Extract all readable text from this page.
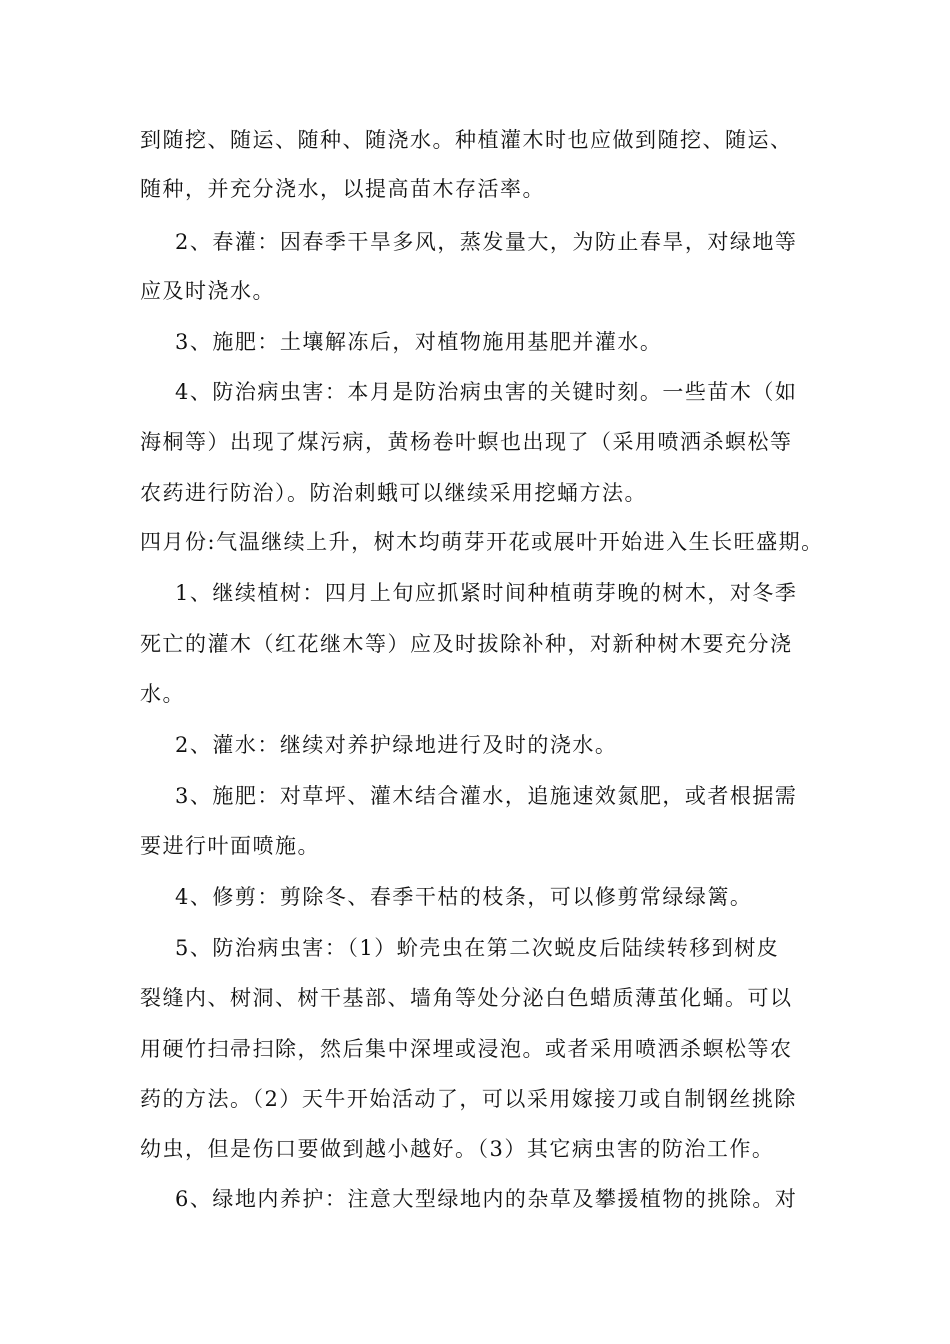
到随挖、随运、随种、随浇水。种植灌木时也应做到随挖、随运、
随种，并充分浇水，以提高苗木存活率。
2、春灌：因春季干旱多风，蒸发量大，为防止春旱，对绿地等
应及时浇水。
3、施肥：土壤解冻后，对植物施用基肥并灌水。
4、防治病虫害：本月是防治病虫害的关键时刻。一些苗木（如
海桐等）出现了煤污病，黄杨卷叶螟也出现了（采用喷洒杀螟松等
农药进行防治）。防治刺蛾可以继续采用挖蛹方法。
四月份:气温继续上升，树木均萌芽开花或展叶开始进入生长旺盛期。
1、继续植树：四月上旬应抓紧时间种植萌芽晚的树木，对冬季
死亡的灌木（红花继木等）应及时拔除补种，对新种树木要充分浇
水。
2、灌水：继续对养护绿地进行及时的浇水。
3、施肥：对草坪、灌木结合灌水，追施速效氮肥，或者根据需
要进行叶面喷施。
4、修剪：剪除冬、春季干枯的枝条，可以修剪常绿绿篱。
5、防治病虫害：（1）蚧壳虫在第二次蜕皮后陆续转移到树皮
裂缝内、树洞、树干基部、墙角等处分泌白色蜡质薄茧化蛹。可以
用硬竹扫帚扫除，然后集中深埋或浸泡。或者采用喷洒杀螟松等农
药的方法。（2）天牛开始活动了，可以采用嫁接刀或自制钢丝挑除
幼虫，但是伤口要做到越小越好。（3）其它病虫害的防治工作。
6、绿地内养护：注意大型绿地内的杂草及攀援植物的挑除。对
